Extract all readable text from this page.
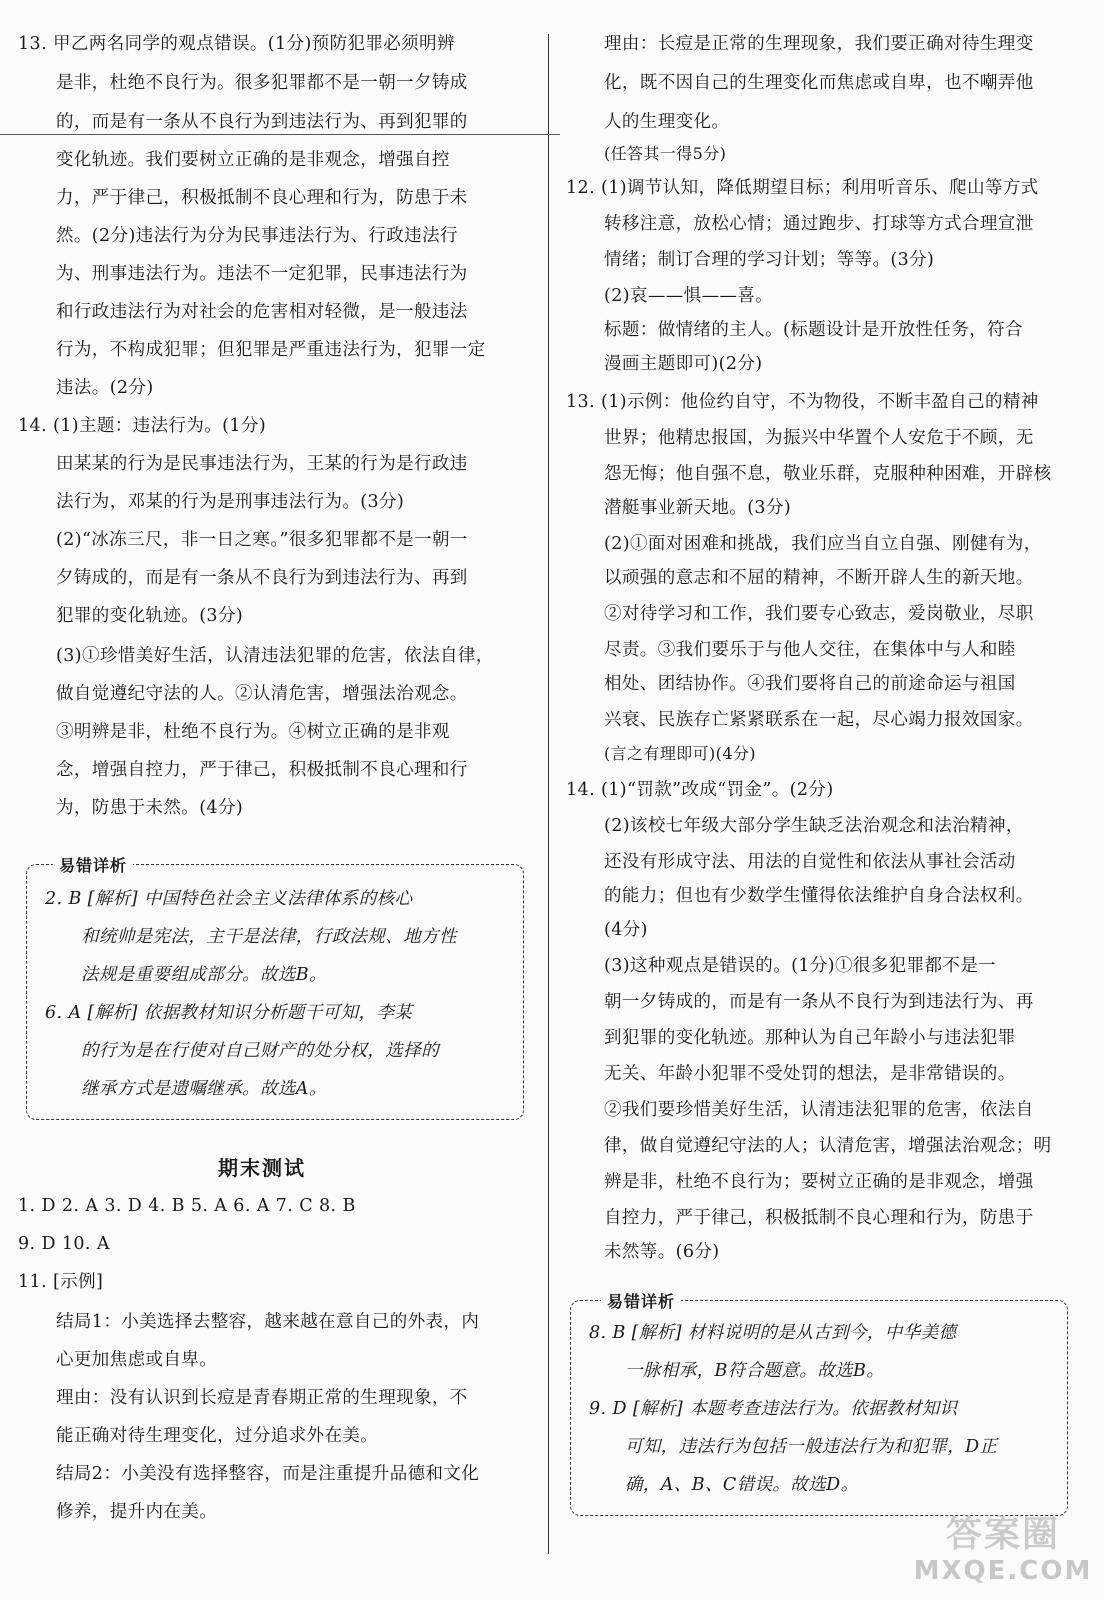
13. 甲乙两名同学的观点错误。(1分)预防犯罪必须明辨
是非，杜绝不良行为。很多犯罪都不是一朝一夕铸成
的，而是有一条从不良行为到违法行为、再到犯罪的
变化轨迹。我们要树立正确的是非观念，增强自控
力，严于律己，积极抵制不良心理和行为，防患于未
然。(2分)违法行为分为民事违法行为、行政违法行
为、刑事违法行为。违法不一定犯罪，民事违法行为
和行政违法行为对社会的危害相对轻微，是一般违法
行为，不构成犯罪；但犯罪是严重违法行为，犯罪一定
违法。(2分)
14. (1)主题：违法行为。(1分)
田某某的行为是民事违法行为，王某的行为是行政违
法行为，邓某的行为是刑事违法行为。(3分)
(2)“冰冻三尺，非一日之寒。”很多犯罪都不是一朝一
夕铸成的，而是有一条从不良行为到违法行为、再到
犯罪的变化轨迹。(3分)
(3)①珍惜美好生活，认清违法犯罪的危害，依法自律，
做自觉遵纪守法的人。②认清危害，增强法治观念。
③明辨是非，杜绝不良行为。④树立正确的是非观
念，增强自控力，严于律己，积极抵制不良心理和行
为，防患于未然。(4分)
易错详析
2. B [解析] 中国特色社会主义法律体系的核心
和统帅是宪法，主干是法律，行政法规、地方性
法规是重要组成部分。故选B。
6. A [解析] 依据教材知识分析题干可知，李某
的行为是在行使对自己财产的处分权，选择的
继承方式是遗嘱继承。故选A。
期末测试
1. D 2. A 3. D 4. B 5. A 6. A 7. C 8. B
9. D 10. A
11. [示例]
结局1：小美选择去整容，越来越在意自己的外表，内
心更加焦虑或自卑。
理由：没有认识到长痘是青春期正常的生理现象，不
能正确对待生理变化，过分追求外在美。
结局2：小美没有选择整容，而是注重提升品德和文化
修养，提升内在美。
理由：长痘是正常的生理现象，我们要正确对待生理变
化，既不因自己的生理变化而焦虑或自卑，也不嘲弄他
人的生理变化。
(任答其一得5分)
12. (1)调节认知，降低期望目标；利用听音乐、爬山等方式
转移注意，放松心情；通过跑步、打球等方式合理宣泄
情绪；制订合理的学习计划；等等。(3分)
(2)哀——惧——喜。
标题：做情绪的主人。(标题设计是开放性任务，符合
漫画主题即可)(2分)
13. (1)示例：他俭约自守，不为物役，不断丰盈自己的精神
世界；他精忠报国，为振兴中华置个人安危于不顾，无
怨无悔；他自强不息，敬业乐群，克服种种困难，开辟核
潜艇事业新天地。(3分)
(2)①面对困难和挑战，我们应当自立自强、刚健有为，
以顽强的意志和不屈的精神，不断开辟人生的新天地。
②对待学习和工作，我们要专心致志，爱岗敬业，尽职
尽责。③我们要乐于与他人交往，在集体中与人和睦
相处、团结协作。④我们要将自己的前途命运与祖国
兴衰、民族存亡紧紧联系在一起，尽心竭力报效国家。
(言之有理即可)(4分)
14. (1)“罚款”改成“罚金”。(2分)
(2)该校七年级大部分学生缺乏法治观念和法治精神，
还没有形成守法、用法的自觉性和依法从事社会活动
的能力；但也有少数学生懂得依法维护自身合法权利。
(4分)
(3)这种观点是错误的。(1分)①很多犯罪都不是一
朝一夕铸成的，而是有一条从不良行为到违法行为、再
到犯罪的变化轨迹。那种认为自己年龄小与违法犯罪
无关、年龄小犯罪不受处罚的想法，是非常错误的。
②我们要珍惜美好生活，认清违法犯罪的危害，依法自
律，做自觉遵纪守法的人；认清危害，增强法治观念；明
辨是非，杜绝不良行为；要树立正确的是非观念，增强
自控力，严于律己，积极抵制不良心理和行为，防患于
未然等。(6分)
易错详析
8. B [解析] 材料说明的是从古到今，中华美德
一脉相承，B符合题意。故选B。
9. D [解析] 本题考查违法行为。依据教材知识
可知，违法行为包括一般违法行为和犯罪，D正
确，A、B、C错误。故选D。
答案圈
MXQE.COM
